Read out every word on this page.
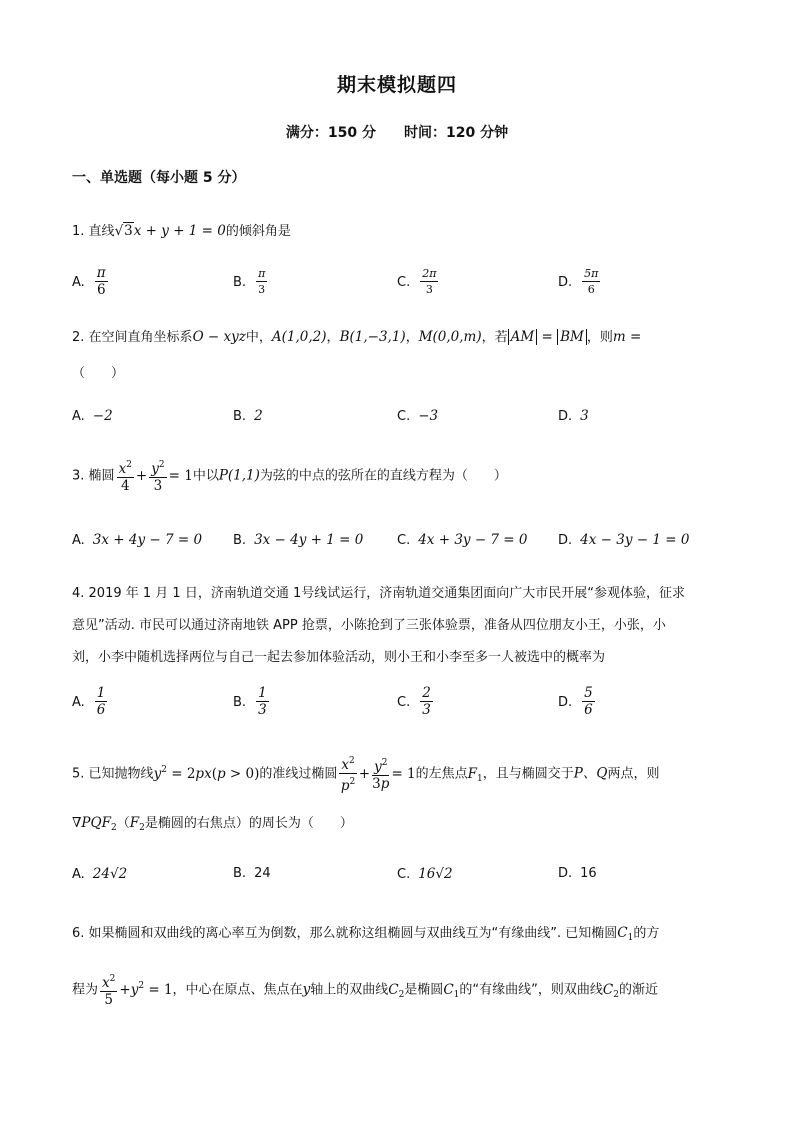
期末模拟题四
满分：150 分 时间：120 分钟
一、单选题（每小题 5 分）
1. 直线√3x + y + 1 = 0的倾斜角是
A. $\frac{\pi}{6}$	B. $\frac{\pi}{3}$	C. $\frac{2\pi}{3}$	D. $\frac{5\pi}{6}$
2. 在空间直角坐标系O − xyz中，A(1,0,2)，B(1,−3,1)，M(0,0,m)，若 AM = BM ，则m =
（　　）
A. −2	B. 2	C. −3	D. 3
3. 椭圆 $\frac{x^2}{4} + \frac{y^2}{3} = 1$中以P(1,1)为弦的中点的弦所在的直线方程为（　　）
A. 3x + 4y − 7 = 0 B. 3x − 4y + 1 = 0	C. 4x + 3y − 7 = 0 D. 4x − 3y − 1 = 0
4. 2019 年 1 月 1 日，济南轨道交通 1号线试运行，济南轨道交通集团面向广大市民开展“参观体验，征求
意见”活动. 市民可以通过济南地铁 APP 抢票，小陈抢到了三张体验票，准备从四位朋友小王，小张，小
刘，小李中随机选择两位与自己一起去参加体验活动，则小王和小李至多一人被选中的概率为
A. $\frac{1}{6}$	B. $\frac{1}{3}$	C. $\frac{2}{3}$	D. $\frac{5}{6}$
5. 已知抛物线$y^2 = 2px(p > 0)$的准线过椭圆 $\frac{x^2}{p^2} + \frac{y^2}{3p} = 1$的左焦点$F_1$，且与椭圆交于P、Q两点，则
$\nabla PQF_2(F_2$是椭圆的右焦点）的周长为（　　）
A. 24√2	B. 24	C. 16√2	D. 16
6. 如果椭圆和双曲线的离心率互为倒数，那么就称这组椭圆与双曲线互为“有缘曲线”. 已知椭圆$C_1$的方
程为 $\frac{x^2}{5} +y^2 = 1$，中心在原点、焦点在y轴上的双曲线$C_2$是椭圆$C_1$的“有缘曲线”，则双曲线$C_2$的渐近
